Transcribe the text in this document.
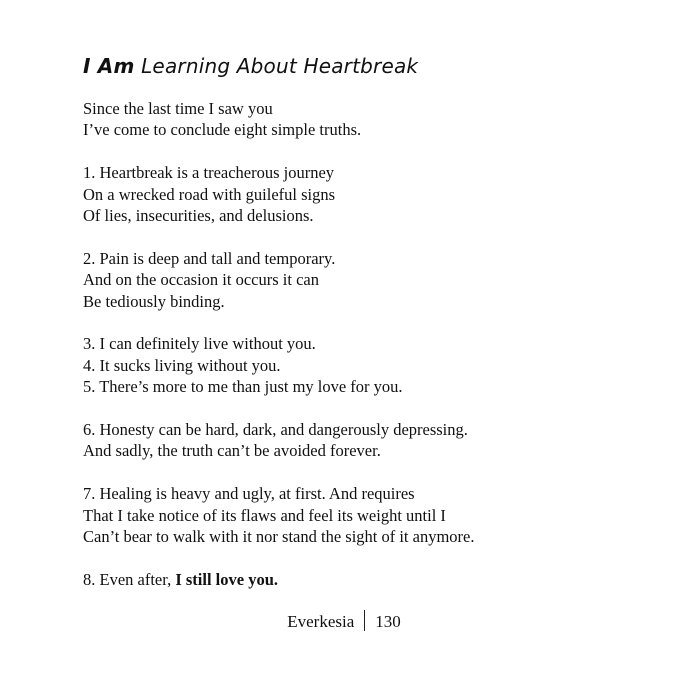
I Am Learning About Heartbreak

Since the last time I saw you
I’ve come to conclude eight simple truths.

1. Heartbreak is a treacherous journey
On a wrecked road with guileful signs
Of lies, insecurities, and delusions.

2. Pain is deep and tall and temporary.
And on the occasion it occurs it can
Be tediously binding.

3. I can definitely live without you.
4. It sucks living without you.
5. There’s more to me than just my love for you.

6. Honesty can be hard, dark, and dangerously depressing.
And sadly, the truth can’t be avoided forever.

7. Healing is heavy and ugly, at first. And requires
That I take notice of its flaws and feel its weight until I
Can’t bear to walk with it nor stand the sight of it anymore.

8. Even after, I still love you.

Everkesia 130
